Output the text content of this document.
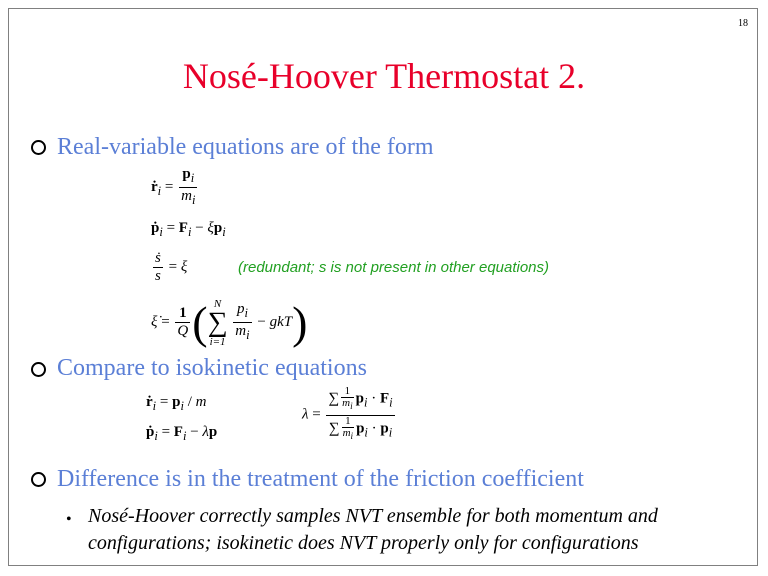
18
Nosé-Hoover Thermostat 2.
Real-variable equations are of the form
ṙ$_i$ = $\frac{p_i}{m_i}$
ṗ$_i$ = $F_i - \xi p_i$
$\frac{\text{ṡ}}{s} = \xi$	(redundant; s is not present in other equations)
ξ̇ = $\frac{1}{Q}$ ( N
∑
i=1
$\frac{p_i}{m_i} - gkT$)
Compare to isokinetic equations
ṙ$_i$ = $p_i$ / m
ṗ$_i$ = $F_i - \lambda p$
$\lambda = \frac{\sum \frac{1}{m_i} p_i \cdot F_i}{\sum \frac{1}{m_i} p_i \cdot p_i}$
Difference is in the treatment of the friction coefficient
• Nosé-Hoover correctly samples NVT ensemble for both momentum and configurations; isokinetic does NVT properly only for configurations
